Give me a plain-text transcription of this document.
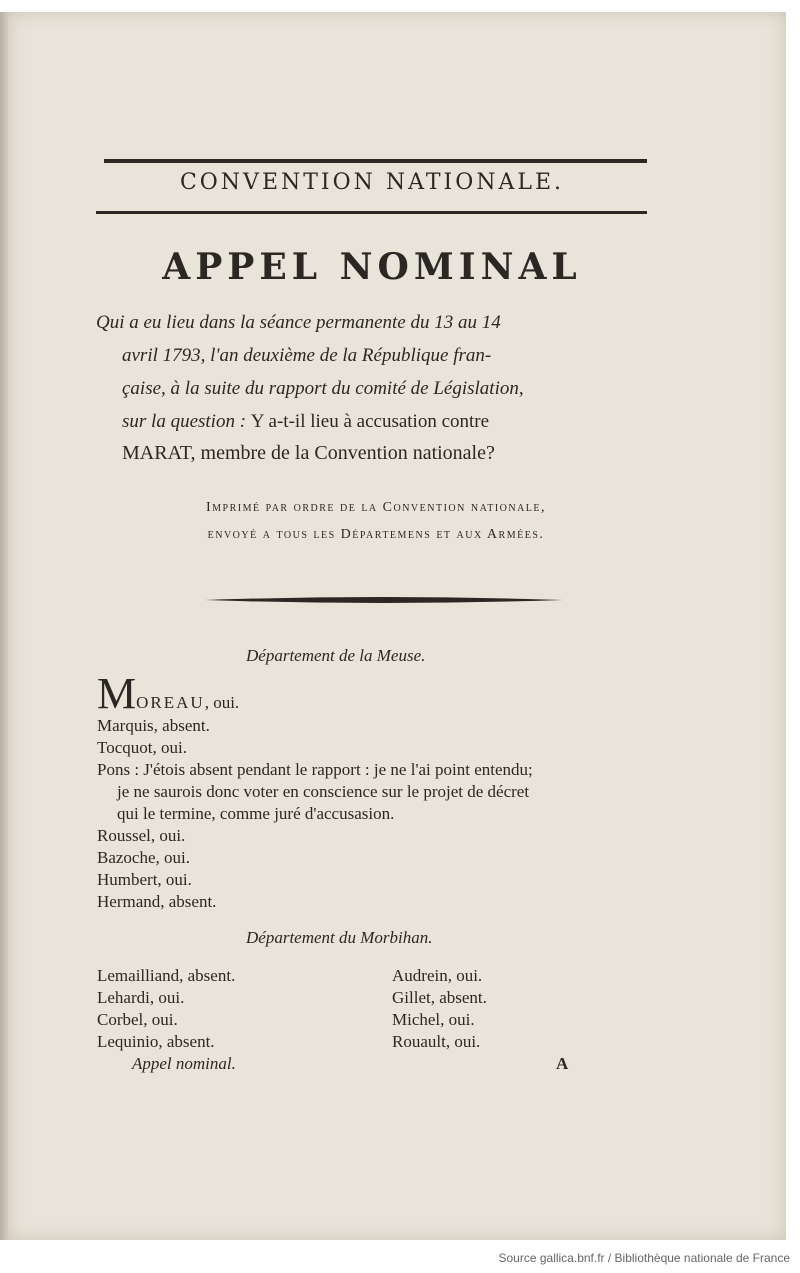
CONVENTION NATIONALE.
APPEL NOMINAL
Qui a eu lieu dans la séance permanente du 13 au 14
avril 1793, l'an deuxième de la République fran-
çaise, à la suite du rapport du comité de Législation,
sur la question : Y a-t-il lieu à accusation contre
MARAT, membre de la Convention nationale?
Imprimé par ordre de la Convention nationale,
envoyé a tous les Départemens et aux Armées.
Département de la Meuse.
MOREAU, oui.
Marquis, absent.
Tocquot, oui.
Pons : J'étois absent pendant le rapport : je ne l'ai point entendu;
je ne saurois donc voter en conscience sur le projet de décret
qui le termine, comme juré d'accusasion.
Roussel, oui.
Bazoche, oui.
Humbert, oui.
Hermand, absent.
Département du Morbihan.
Lemailliand, absent.
Lehardi, oui.
Corbel, oui.
Lequinio, absent.
Audrein, oui.
Gillet, absent.
Michel, oui.
Rouault, oui.
Appel nominal.	A
Source gallica.bnf.fr / Bibliothèque nationale de France
